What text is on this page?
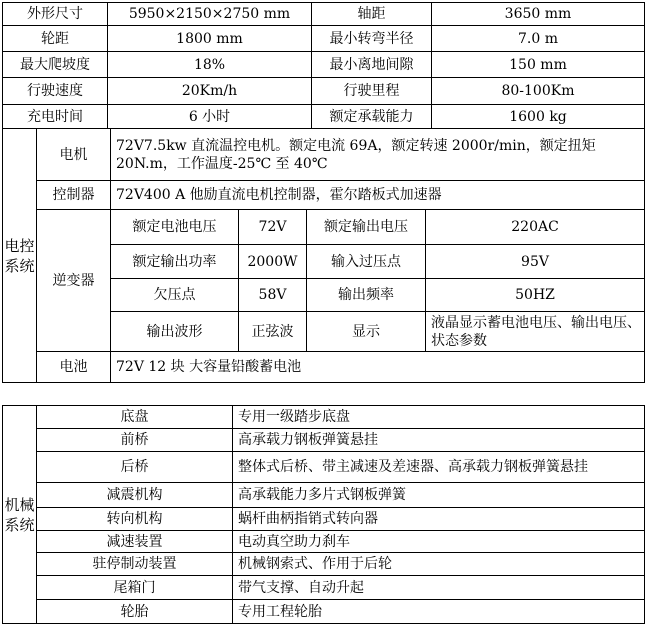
外形尺寸	5950×2150×2750 mm	轴距	3650 mm
轮距	1800 mm	最小转弯半径	7.0 m
最大爬坡度	18%	最小离地间隙	150 mm
行驶速度	20Km/h	行驶里程	80-100Km
充电时间	6 小时	额定承载能力	1600 kg
电控系统	电机	72V7.5kw 直流温控电机。额定电流 69A，额定转速 2000r/min，额定扭矩 20N.m，工作温度-25℃ 至 40℃			
	控制器	72V400 A 他励直流电机控制器，霍尔踏板式加速器			
	逆变器	额定电池电压	72V	额定输出电压	220AC
		额定输出功率	2000W	输入过压点	95V
		欠压点	58V	输出频率	50HZ
		输出波形	正弦波	显示	液晶显示蓄电池电压、输出电压、状态参数
	电池	72V 12 块 大容量铅酸蓄电池			
机械系统	底盘	专用一级踏步底盘
	前桥	高承载力钢板弹簧悬挂
	后桥	整体式后桥、带主减速及差速器、高承载力钢板弹簧悬挂
	减震机构	高承载能力多片式钢板弹簧
	转向机构	蜗杆曲柄指销式转向器
	减速装置	电动真空助力刹车
	驻停制动装置	机械钢索式、作用于后轮
	尾箱门	带气支撑、自动升起
	轮胎	专用工程轮胎
